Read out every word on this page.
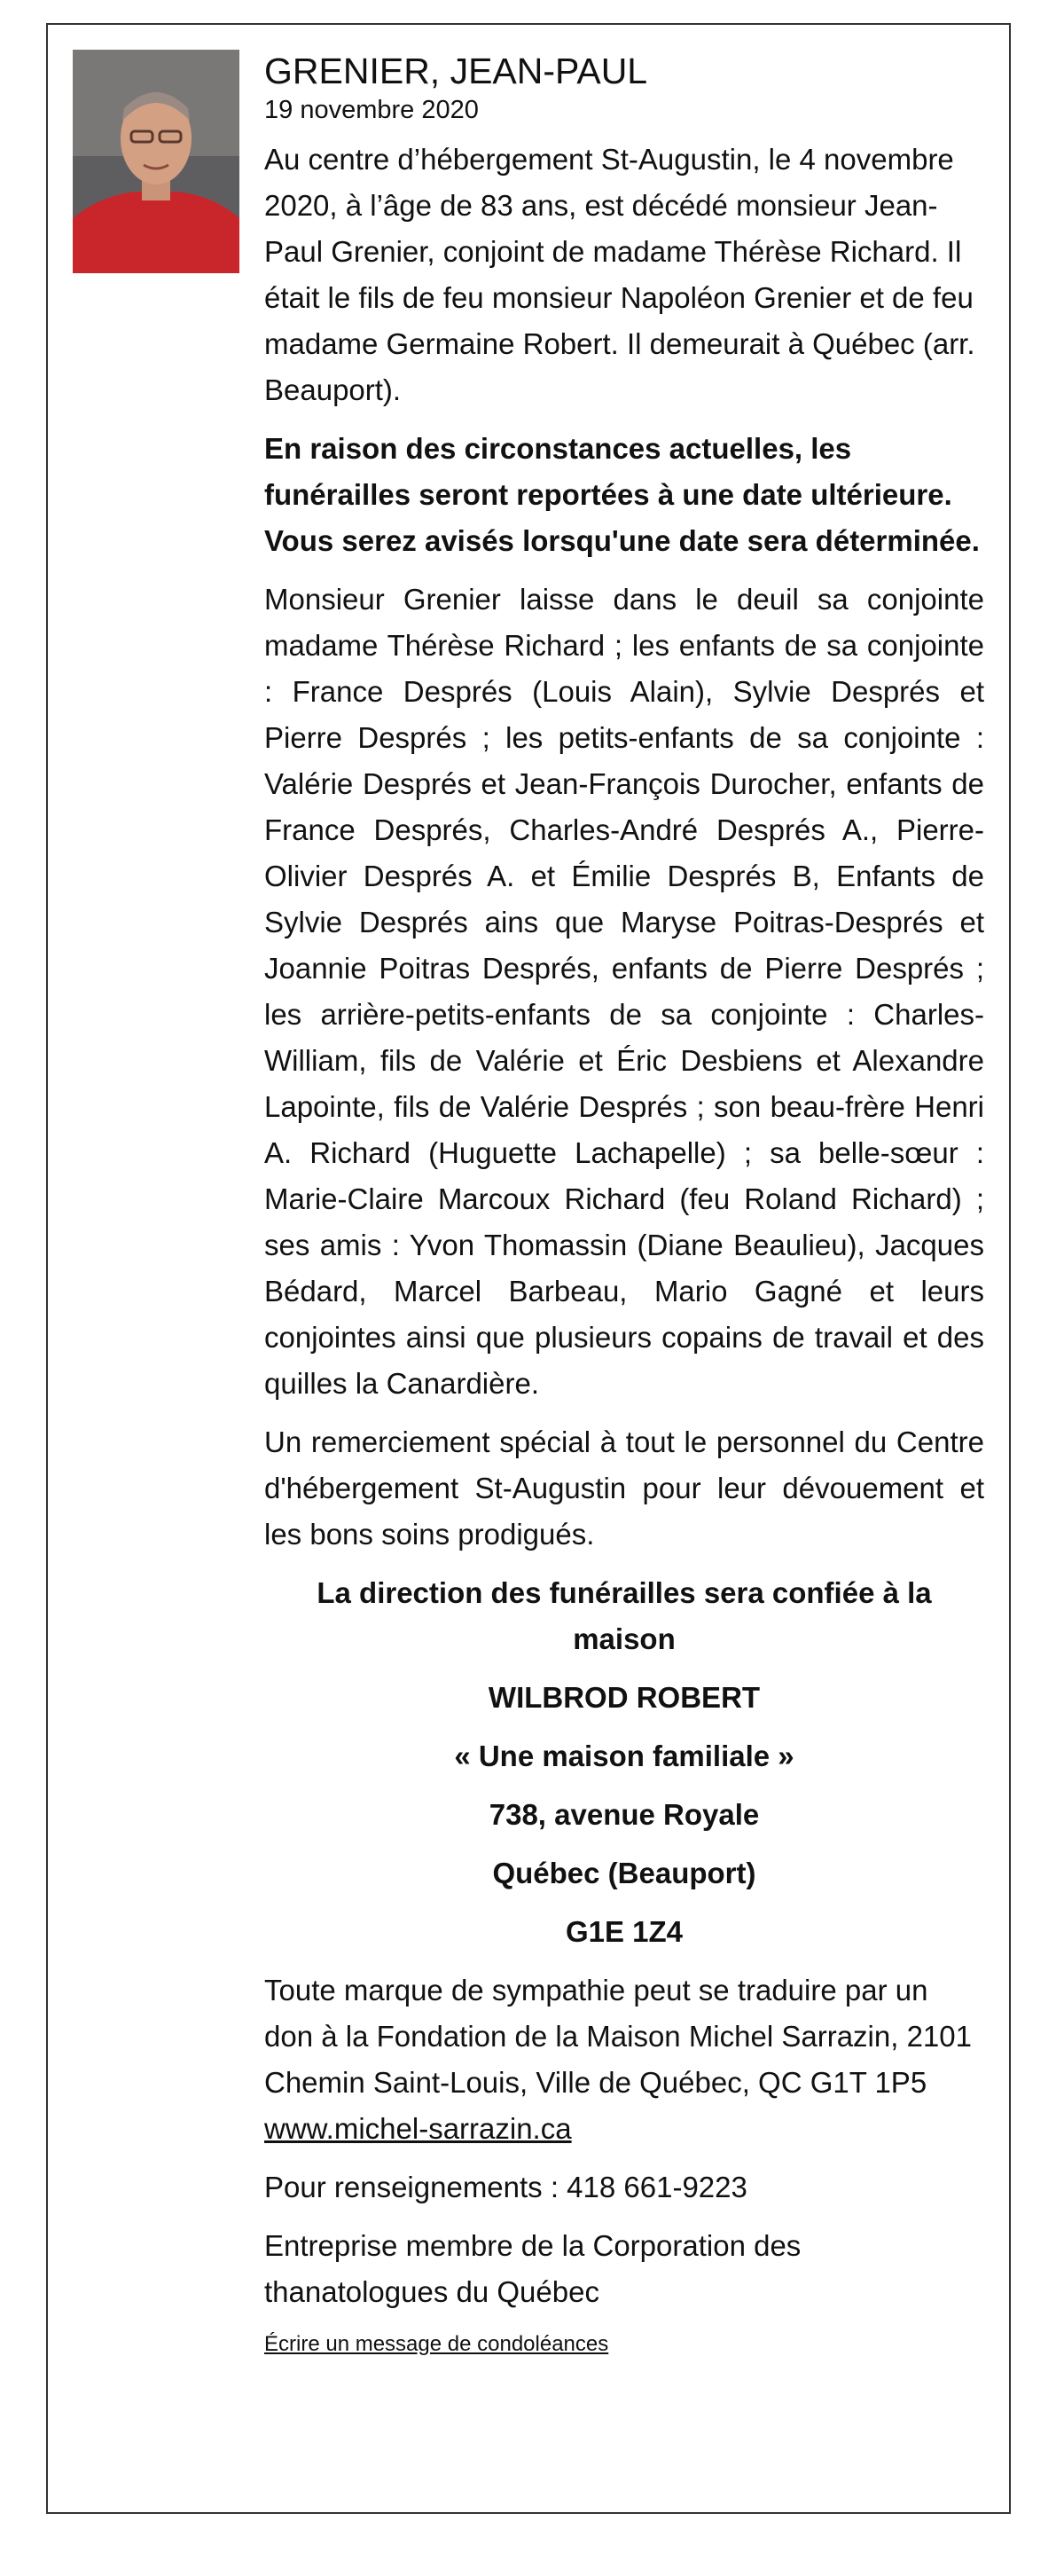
GRENIER, JEAN-PAUL
19 novembre 2020

Au centre d’hébergement St-Augustin, le 4 novembre 2020, à l’âge de 83 ans, est décédé monsieur Jean-Paul Grenier, conjoint de madame Thérèse Richard. Il était le fils de feu monsieur Napoléon Grenier et de feu madame Germaine Robert. Il demeurait à Québec (arr. Beauport).

En raison des circonstances actuelles, les funérailles seront reportées à une date ultérieure. Vous serez avisés lorsqu'une date sera déterminée.

Monsieur Grenier laisse dans le deuil sa conjointe madame Thérèse Richard ; les enfants de sa conjointe : France Després (Louis Alain), Sylvie Després et Pierre Després ; les petits-enfants de sa conjointe : Valérie Després et Jean-François Durocher, enfants de France Després, Charles-André Després A., Pierre-Olivier Després A. et Émilie Després B, Enfants de Sylvie Després ains que Maryse Poitras-Després et Joannie Poitras Després, enfants de Pierre Després ; les arrière-petits-enfants de sa conjointe : Charles-William, fils de Valérie et Éric Desbiens et Alexandre Lapointe, fils de Valérie Després ; son beau-frère Henri A. Richard (Huguette Lachapelle) ; sa belle-sœur : Marie-Claire Marcoux Richard (feu Roland Richard) ; ses amis : Yvon Thomassin (Diane Beaulieu), Jacques Bédard, Marcel Barbeau, Mario Gagné et leurs conjointes ainsi que plusieurs copains de travail et des quilles la Canardière.

Un remerciement spécial à tout le personnel du Centre d'hébergement St-Augustin pour leur dévouement et les bons soins prodigués.

La direction des funérailles sera confiée à la maison

WILBROD ROBERT

« Une maison familiale »

738, avenue Royale

Québec (Beauport)

G1E 1Z4

Toute marque de sympathie peut se traduire par un don à la Fondation de la Maison Michel Sarrazin, 2101 Chemin Saint-Louis, Ville de Québec, QC G1T 1P5    www.michel-sarrazin.ca

Pour renseignements : 418 661-9223

Entreprise membre de la Corporation des thanatologues du Québec

Écrire un message de condoléances
